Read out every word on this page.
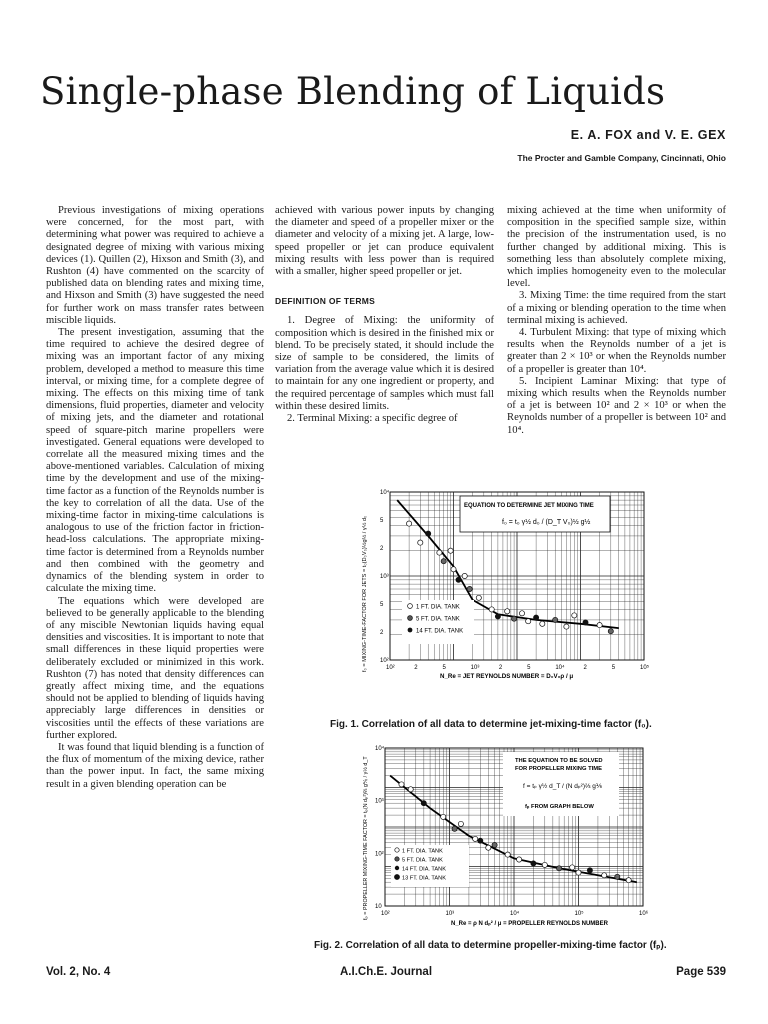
Single-phase Blending of Liquids
E. A. FOX and V. E. GEX
The Procter and Gamble Company, Cincinnati, Ohio

Previous investigations of mixing operations were concerned, for the most part, with determining what power was required to achieve a designated degree of mixing with various mixing devices (1). Quillen (2), Hixson and Smith (3), and Rushton (4) have commented on the scarcity of published data on blending rates and mixing time, and Hixson and Smith (3) have suggested the need for further work on mass transfer rates between miscible liquids.

The present investigation, assuming that the time required to achieve the desired degree of mixing was an important factor of any mixing problem, developed a method to measure this time interval, or mixing time, for a complete degree of mixing. The effects on this mixing time of tank dimensions, fluid properties, diameter and velocity of mixing jets, and the diameter and rotational speed of square-pitch marine propellers were investigated. General equations were developed to correlate all the measured mixing times and the above-mentioned variables. Calculation of mixing time by the development and use of the mixing-time factor as a function of the Reynolds number is the key to correlation of all the data. Use of the mixing-time factor in mixing-time calculations is analogous to use of the friction factor in friction-head-loss calculations. The appropriate mixing-time factor is determined from a Reynolds number and then combined with the geometry and dynamics of the blending system in order to calculate the mixing time.

The equations which were developed are believed to be generally applicable to the blending of any miscible Newtonian liquids having equal densities and viscosities. It is important to note that small differences in these liquid properties were deliberately excluded or minimized in this work. Rushton (7) has noted that density differences can greatly affect mixing time, and the equations should not be applied to blending of liquids having appreciably large differences in densities or viscosities until the effects of these variations are further explored.

It was found that liquid blending is a function of the flux of momentum of the mixing device, rather than the power input. In fact, the same mixing result in a given blending operation can be

achieved with various power inputs by changing the diameter and speed of a propeller mixer or the diameter and velocity of a mixing jet. A large, low-speed propeller or jet can produce equivalent mixing results with less power than is required with a smaller, higher speed propeller or jet.

DEFINITION OF TERMS

1. Degree of Mixing: the uniformity of composition which is desired in the finished mix or blend. To be precisely stated, it should include the size of sample to be considered, the limits of variation from the average value which it is desired to maintain for any one ingredient or property, and the required percentage of samples which must fall within these desired limits.

2. Terminal Mixing: a specific degree of

mixing achieved at the time when uniformity of composition in the specified sample size, within the precision of the instrumentation used, is no further changed by additional mixing. This is something less than absolutely complete mixing, which implies homogeneity even to the molecular level.

3. Mixing Time: the time required from the start of a mixing or blending operation to the time when terminal mixing is achieved.

4. Turbulent Mixing: that type of mixing which results when the Reynolds number of a jet is greater than 2 × 10³ or when the Reynolds number of a propeller is greater than 10⁴.

5. Incipient Laminar Mixing: that type of mixing which results when the Reynolds number of a jet is between 10² and 2 × 10³ or when the Reynolds number of a propeller is between 10² and 10⁴.

10²	2	5	10³	2	5	10⁴	2	5	10⁵
10⁴
5
2
10³
5
2
10²
EQUATION TO DETERMINE JET MIXING TIME
f₀ = t₀ γ½ d₀ / (D_T V₀)½ g½
1 FT. DIA. TANK
5 FT. DIA. TANK
14 FT. DIA. TANK
f₀ = MIXING-TIME-FACTOR FOR JETS = t₀(D₀V₀)½g½ / γ½ d₀
N_Re = JET REYNOLDS NUMBER = D₀V₀ρ / μ
Fig. 1. Correlation of all data to determine jet-mixing-time factor (f₀).
10²	10³	10⁴	10⁵	10⁶
10⁴
10³
10²
10
THE EQUATION TO BE SOLVED
FOR PROPELLER MIXING TIME
f = tₚ γ½ d_T / (N dₚ²)⅔ g⅙
fₚ FROM GRAPH BELOW
1 FT. DIA. TANK
5 FT. DIA. TANK
14 FT. DIA. TANK
13 FT. DIA. TANK
fₚ = PROPELLER MIXING-TIME FACTOR = tₚ(N dₚ²)⅔ g⅙ / γ½ d_T
N_Re = ρ N dₚ² / μ = PROPELLER REYNOLDS NUMBER
Fig. 2. Correlation of all data to determine propeller-mixing-time factor (fₚ).
Vol. 2, No. 4	A.I.Ch.E. Journal	Page 539
